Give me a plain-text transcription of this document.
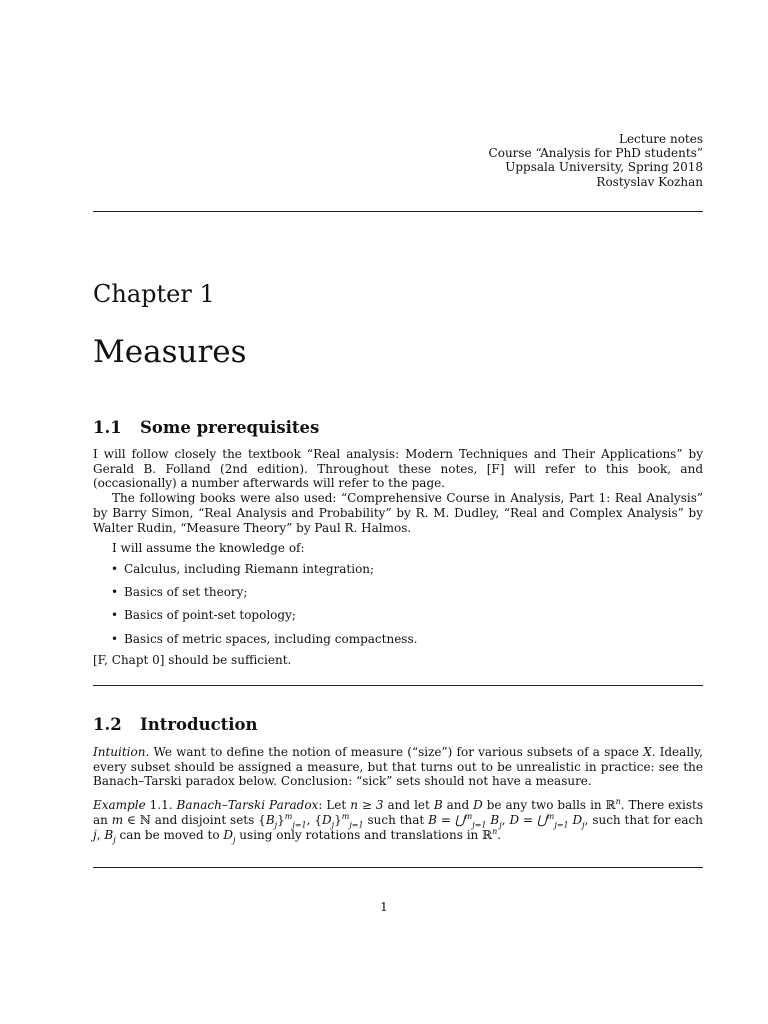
Lecture notes
Course “Analysis for PhD students”
Uppsala University, Spring 2018
Rostyslav Kozhan
Chapter 1
Measures
1.1 Some prerequisites

I will follow closely the textbook “Real analysis: Modern Techniques and Their Applications” by Gerald B. Folland (2nd edition). Throughout these notes, [F] will refer to this book, and (occasionally) a number afterwards will refer to the page.

The following books were also used: “Comprehensive Course in Analysis, Part 1: Real Analysis” by Barry Simon, “Real Analysis and Probability” by R. M. Dudley, “Real and Complex Analysis” by Walter Rudin, “Measure Theory” by Paul R. Halmos.

I will assume the knowledge of:

• Calculus, including Riemann integration;
• Basics of set theory;
• Basics of point-set topology;
• Basics of metric spaces, including compactness.

[F, Chapt 0] should be sufficient.

1.2 Introduction

Intuition. We want to define the notion of measure (“size”) for various subsets of a space X. Ideally, every subset should be assigned a measure, but that turns out to be unrealistic in practice: see the Banach–Tarski paradox below. Conclusion: “sick” sets should not have a measure.

Example 1.1. Banach–Tarski Paradox: Let n ≥ 3 and let B and D be any two balls in ℝ$^n$. There exists an m ∈ ℕ and disjoint sets $\{B_j\}^m_{j=1}$, $\{D_j\}^m_{j=1}$ such that B = ⋃$^m_{j=1}$ $B_j$, D = ⋃$^m_{j=1}$ $D_j$, such that for each j, $B_j$ can be moved to $D_j$ using only rotations and translations in ℝ$^n$.

1
